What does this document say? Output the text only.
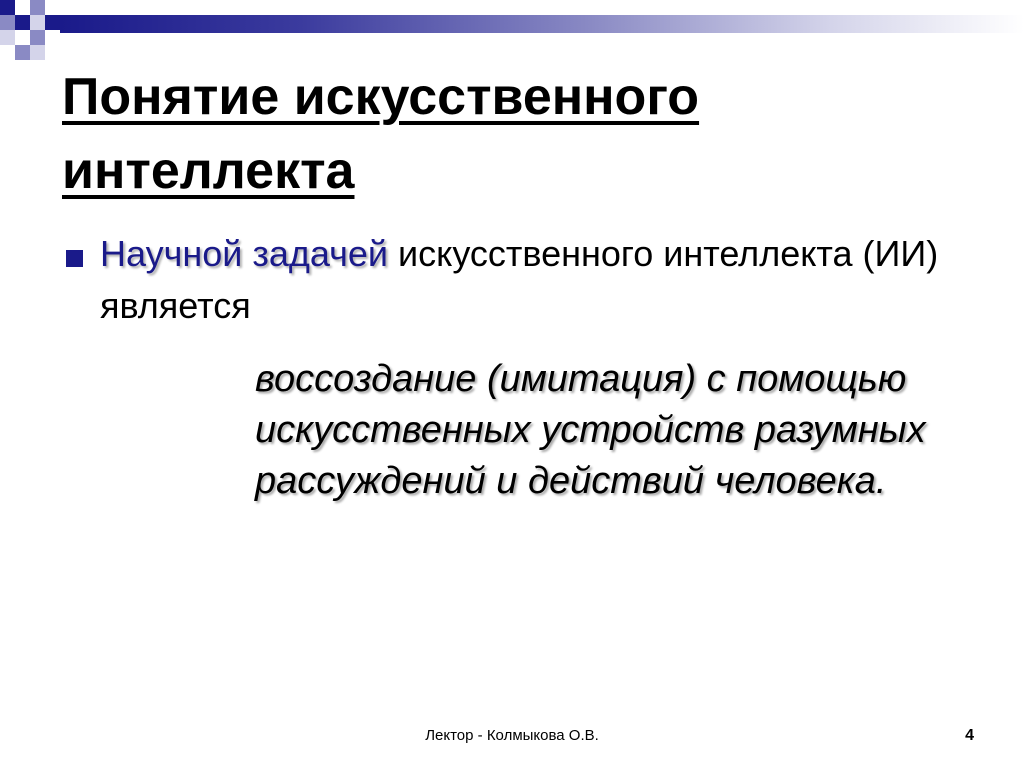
Понятие искусственного интеллекта

Научной задачей искусственного интеллекта (ИИ) является

воссоздание (имитация) с помощью искусственных устройств разумных рассуждений и действий человека.

Лектор - Колмыкова О.В.	4
